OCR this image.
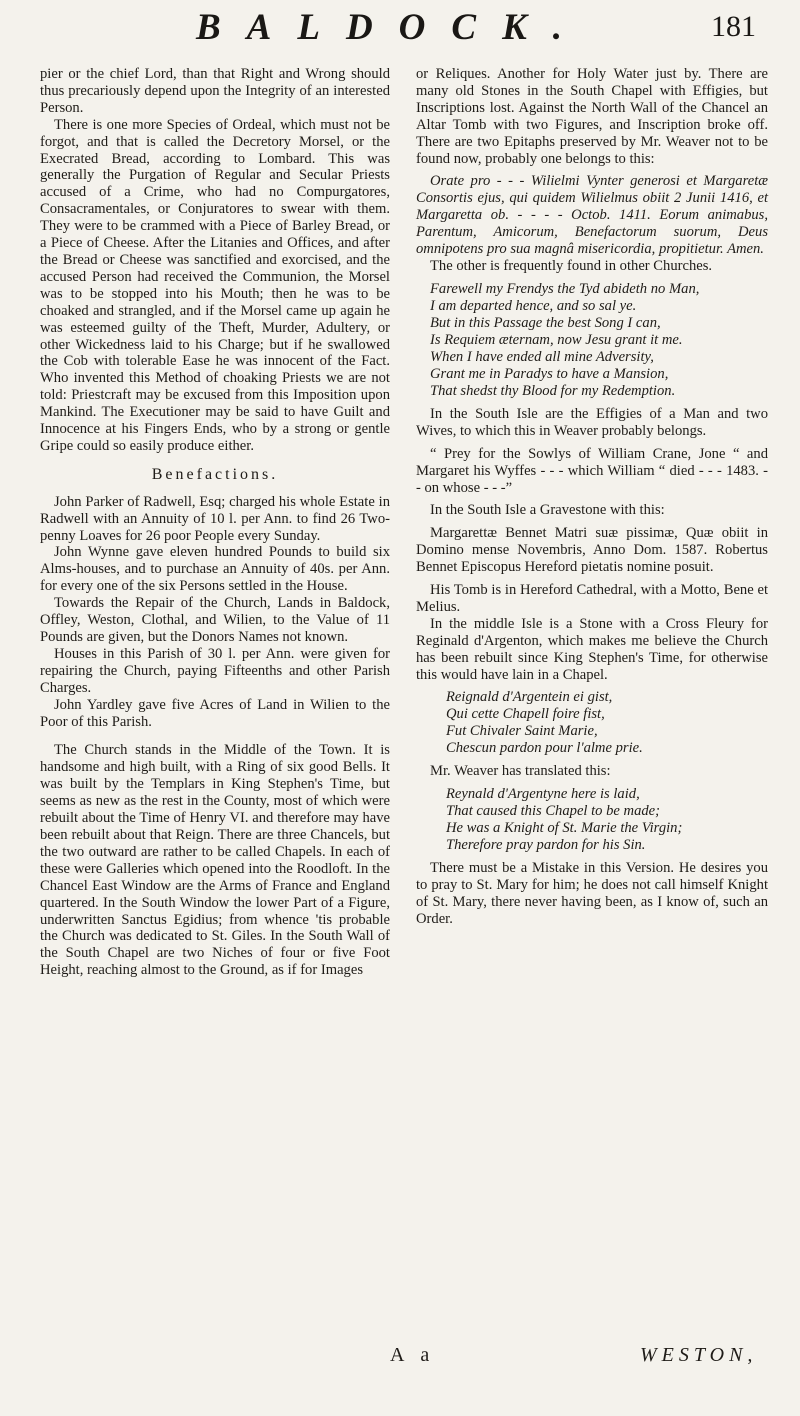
BALDOCK.	181

pier or the chief Lord, than that Right and Wrong should thus precariously depend upon the Integrity of an interested Person.

There is one more Species of Ordeal, which must not be forgot, and that is called the Decretory Morsel, or the Execrated Bread, according to Lombard. This was generally the Purgation of Regular and Secular Priests accused of a Crime, who had no Compurgatores, Consacramentales, or Conjuratores to swear with them. They were to be crammed with a Piece of Barley Bread, or a Piece of Cheese. After the Litanies and Offices, and after the Bread or Cheese was sanctified and exorcised, and the accused Person had received the Communion, the Morsel was to be stopped into his Mouth; then he was to be choaked and strangled, and if the Morsel came up again he was esteemed guilty of the Theft, Murder, Adultery, or other Wickedness laid to his Charge; but if he swallowed the Cob with tolerable Ease he was innocent of the Fact. Who invented this Method of choaking Priests we are not told: Priestcraft may be excused from this Imposition upon Mankind. The Executioner may be said to have Guilt and Innocence at his Fingers Ends, who by a strong or gentle Gripe could so easily produce either.

Benefactions.

John Parker of Radwell, Esq; charged his whole Estate in Radwell with an Annuity of 10 l. per Ann. to find 26 Two-penny Loaves for 26 poor People every Sunday.

John Wynne gave eleven hundred Pounds to build six Alms-houses, and to purchase an Annuity of 40s. per Ann. for every one of the six Persons settled in the House.

Towards the Repair of the Church, Lands in Baldock, Offley, Weston, Clothal, and Wilien, to the Value of 11 Pounds are given, but the Donors Names not known.

Houses in this Parish of 30 l. per Ann. were given for repairing the Church, paying Fifteenths and other Parish Charges.

John Yardley gave five Acres of Land in Wilien to the Poor of this Parish.

The Church stands in the Middle of the Town. It is handsome and high built, with a Ring of six good Bells. It was built by the Templars in King Stephen's Time, but seems as new as the rest in the County, most of which were rebuilt about the Time of Henry VI. and therefore may have been rebuilt about that Reign. There are three Chancels, but the two outward are rather to be called Chapels. In each of these were Galleries which opened into the Roodloft. In the Chancel East Window are the Arms of France and England quartered. In the South Window the lower Part of a Figure, underwritten Sanctus Egidius; from whence 'tis probable the Church was dedicated to St. Giles. In the South Wall of the South Chapel are two Niches of four or five Foot Height, reaching almost to the Ground, as if for Images

or Reliques. Another for Holy Water just by. There are many old Stones in the South Chapel with Effigies, but Inscriptions lost. Against the North Wall of the Chancel an Altar Tomb with two Figures, and Inscription broke off. There are two Epitaphs preserved by Mr. Weaver not to be found now, probably one belongs to this:

Orate pro - - - Wilielmi Vynter generosi et Margaretæ Consortis ejus, qui quidem Wilielmus obiit 2 Junii 1416, et Margaretta ob. - - - - Octob. 1411. Eorum animabus, Parentum, Amicorum, Benefactorum suorum, Deus omnipotens pro sua magnâ misericordia, propitietur. Amen.

The other is frequently found in other Churches.

Farewell my Frendys the Tyd abideth no Man,
I am departed hence, and so sal ye.
But in this Passage the best Song I can,
Is Requiem æternam, now Jesu grant it me.
When I have ended all mine Adversity,
Grant me in Paradys to have a Mansion,
That shedst thy Blood for my Redemption.

In the South Isle are the Effigies of a Man and two Wives, to which this in Weaver probably belongs.

“ Prey for the Sowlys of William Crane, Jone “ and Margaret his Wyffes - - - which William “ died - - - 1483. - - on whose - - -”

In the South Isle a Gravestone with this:

Margarettæ Bennet Matri suæ pissimæ, Quæ obiit in Domino mense Novembris, Anno Dom. 1587. Robertus Bennet Episcopus Hereford pietatis nomine posuit.

His Tomb is in Hereford Cathedral, with a Motto, Bene et Melius.

In the middle Isle is a Stone with a Cross Fleury for Reginald d'Argenton, which makes me believe the Church has been rebuilt since King Stephen's Time, for otherwise this would have lain in a Chapel.

Reignald d'Argentein ei gist,
Qui cette Chapell foire fist,
Fut Chivaler Saint Marie,
Chescun pardon pour l'alme prie.

Mr. Weaver has translated this:

Reynald d'Argentyne here is laid,
That caused this Chapel to be made;
He was a Knight of St. Marie the Virgin;
Therefore pray pardon for his Sin.

There must be a Mistake in this Version. He desires you to pray to St. Mary for him; he does not call himself Knight of St. Mary, there never having been, as I know of, such an Order.

A a	WESTON,
